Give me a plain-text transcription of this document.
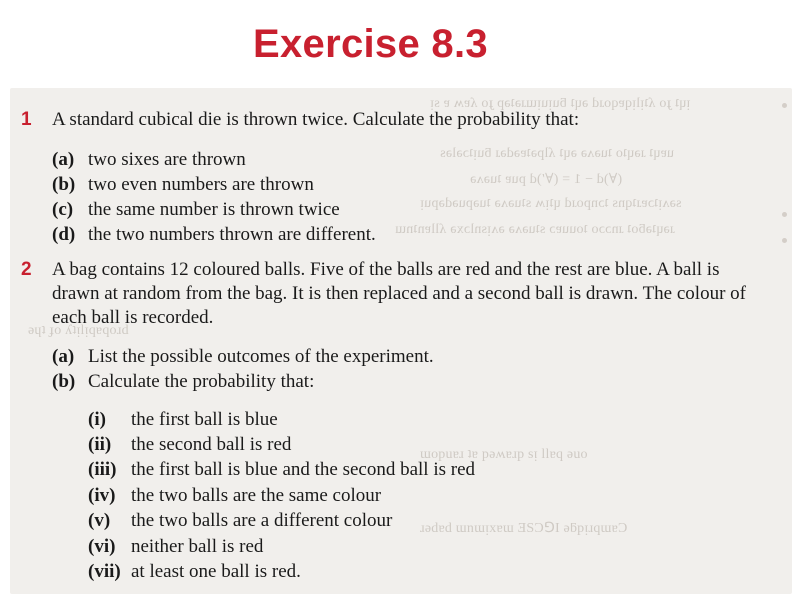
ᴉɥʇ ɟo ʎʇᴉlᴉqɐqoɹd ǝɥʇ ƃuᴉuᴉɯɹǝʇǝp ɟo ʎɐʍ ɐ sᴉ
uɐɥʇ ɹǝɥʇo ʇuǝʌǝ ǝɥʇ ʎlpǝʇɐǝdǝɹ ƃuᴉʇɔǝlǝs
(∀)d − 1 = (∀′)d puɐ ʇuǝʌǝ
sǝʌᴉʇɔɐɹʇqns ʇɔnpoɹd ɥʇᴉʍ sʇuǝʌǝ ʇuǝpuǝdǝpuᴉ
ɹǝɥʇǝƃoʇ ɹnɔɔo ʇouuɐɔ sʇuǝʌǝ ǝʌᴉsnlɔxǝ ʎllɐnʇnɯ
ǝɥʇ ɟo ʎʇᴉlᴉqɐqoɹd
ɯopuɐɹ ʇɐ pǝʍɐɹp sᴉ llɐq ǝuo
ɹǝdɐd ɯnɯᴉxɐɯ ƎSƆ⅁I ǝƃpᴉɹqɯɐƆ
Exercise 8.3
1 A standard cubical die is thrown twice. Calculate the probability that:
(a) two sixes are thrown
(b) two even numbers are thrown
(c) the same number is thrown twice
(d) the two numbers thrown are different.
2 A bag contains 12 coloured balls. Five of the balls are red and the rest are blue. A ball is
drawn at random from the bag. It is then replaced and a second ball is drawn. The colour of
each ball is recorded.
(a) List the possible outcomes of the experiment.
(b) Calculate the probability that:
(i) the first ball is blue
(ii) the second ball is red
(iii) the first ball is blue and the second ball is red
(iv) the two balls are the same colour
(v) the two balls are a different colour
(vi) neither ball is red
(vii) at least one ball is red.
